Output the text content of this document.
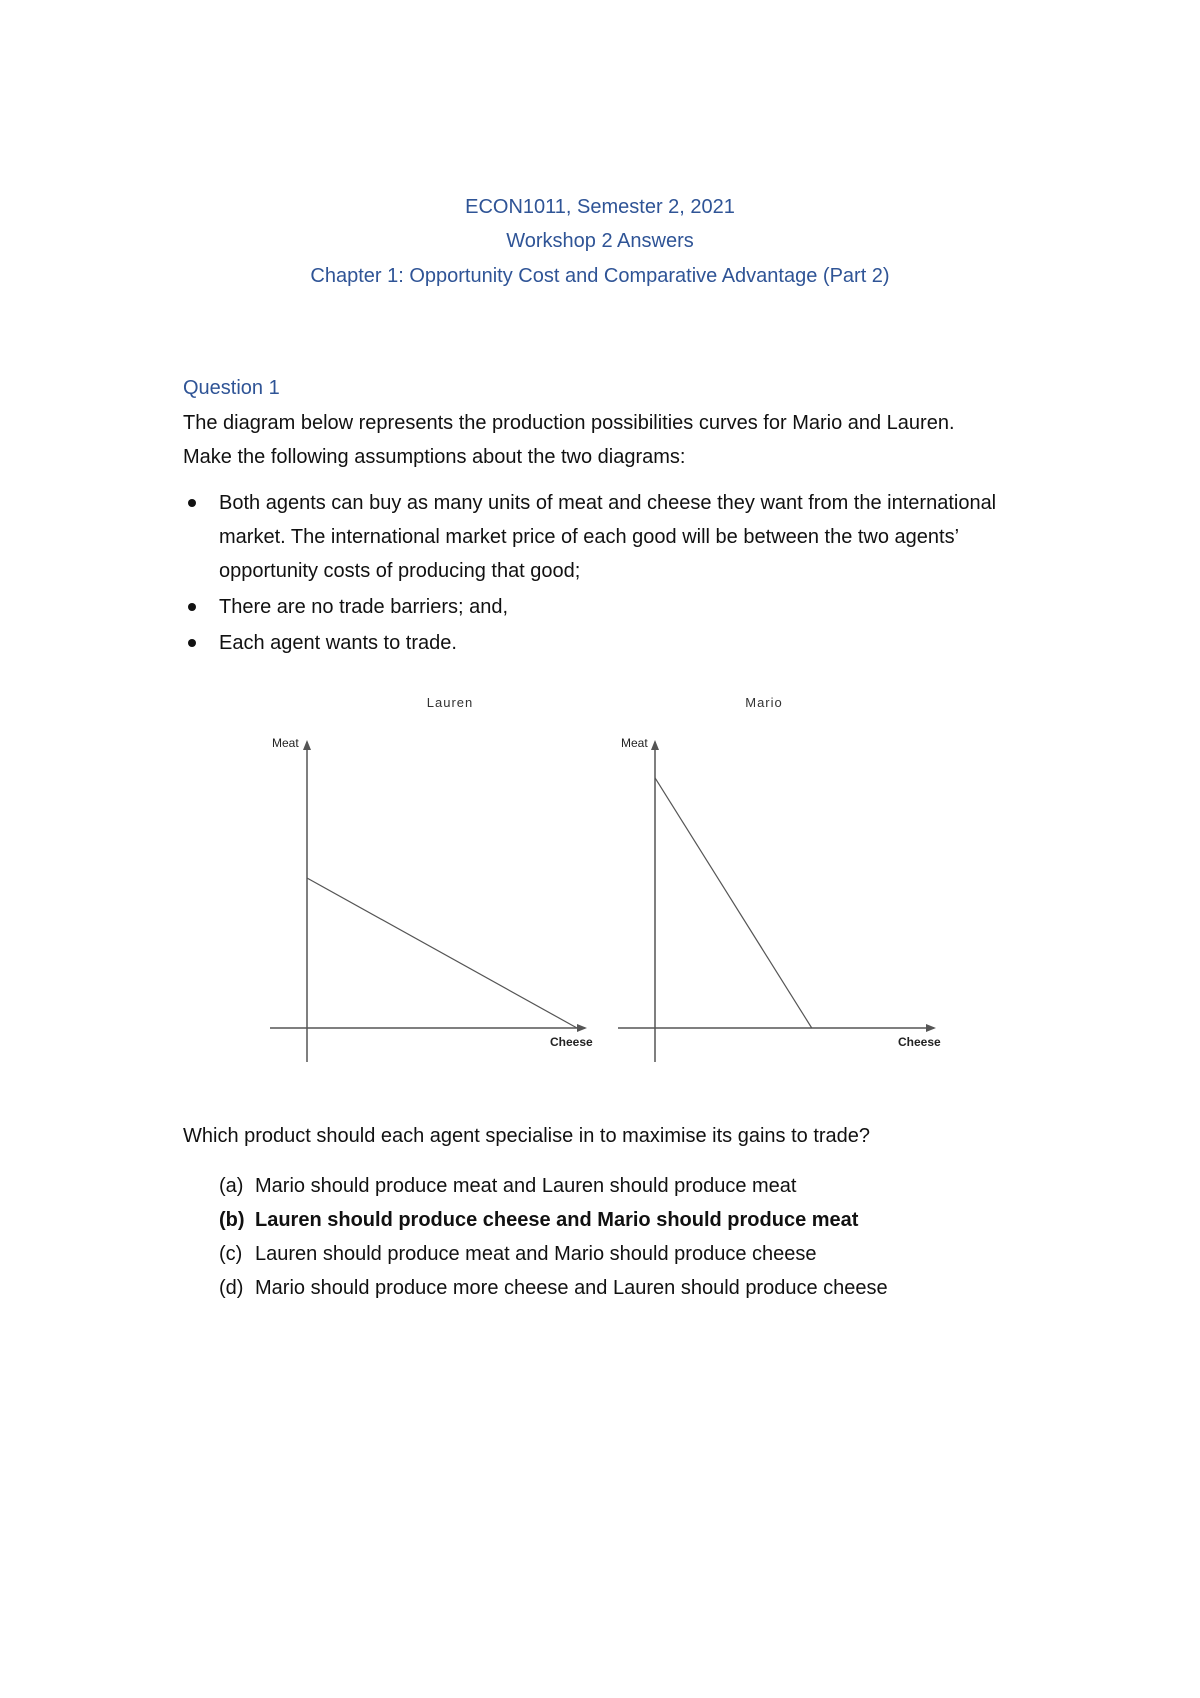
ECON1011, Semester 2, 2021
Workshop 2 Answers
Chapter 1: Opportunity Cost and Comparative Advantage (Part 2)
Question 1
The diagram below represents the production possibilities curves for Mario and Lauren. Make the following assumptions about the two diagrams:
Both agents can buy as many units of meat and cheese they want from the international market. The international market price of each good will be between the two agents’ opportunity costs of producing that good;
There are no trade barriers; and,
Each agent wants to trade.
Lauren
Meat
Cheese
Mario
Meat
Cheese
Which product should each agent specialise in to maximise its gains to trade?
(a) Mario should produce meat and Lauren should produce meat
(b) Lauren should produce cheese and Mario should produce meat
(c) Lauren should produce meat and Mario should produce cheese
(d) Mario should produce more cheese and Lauren should produce cheese
